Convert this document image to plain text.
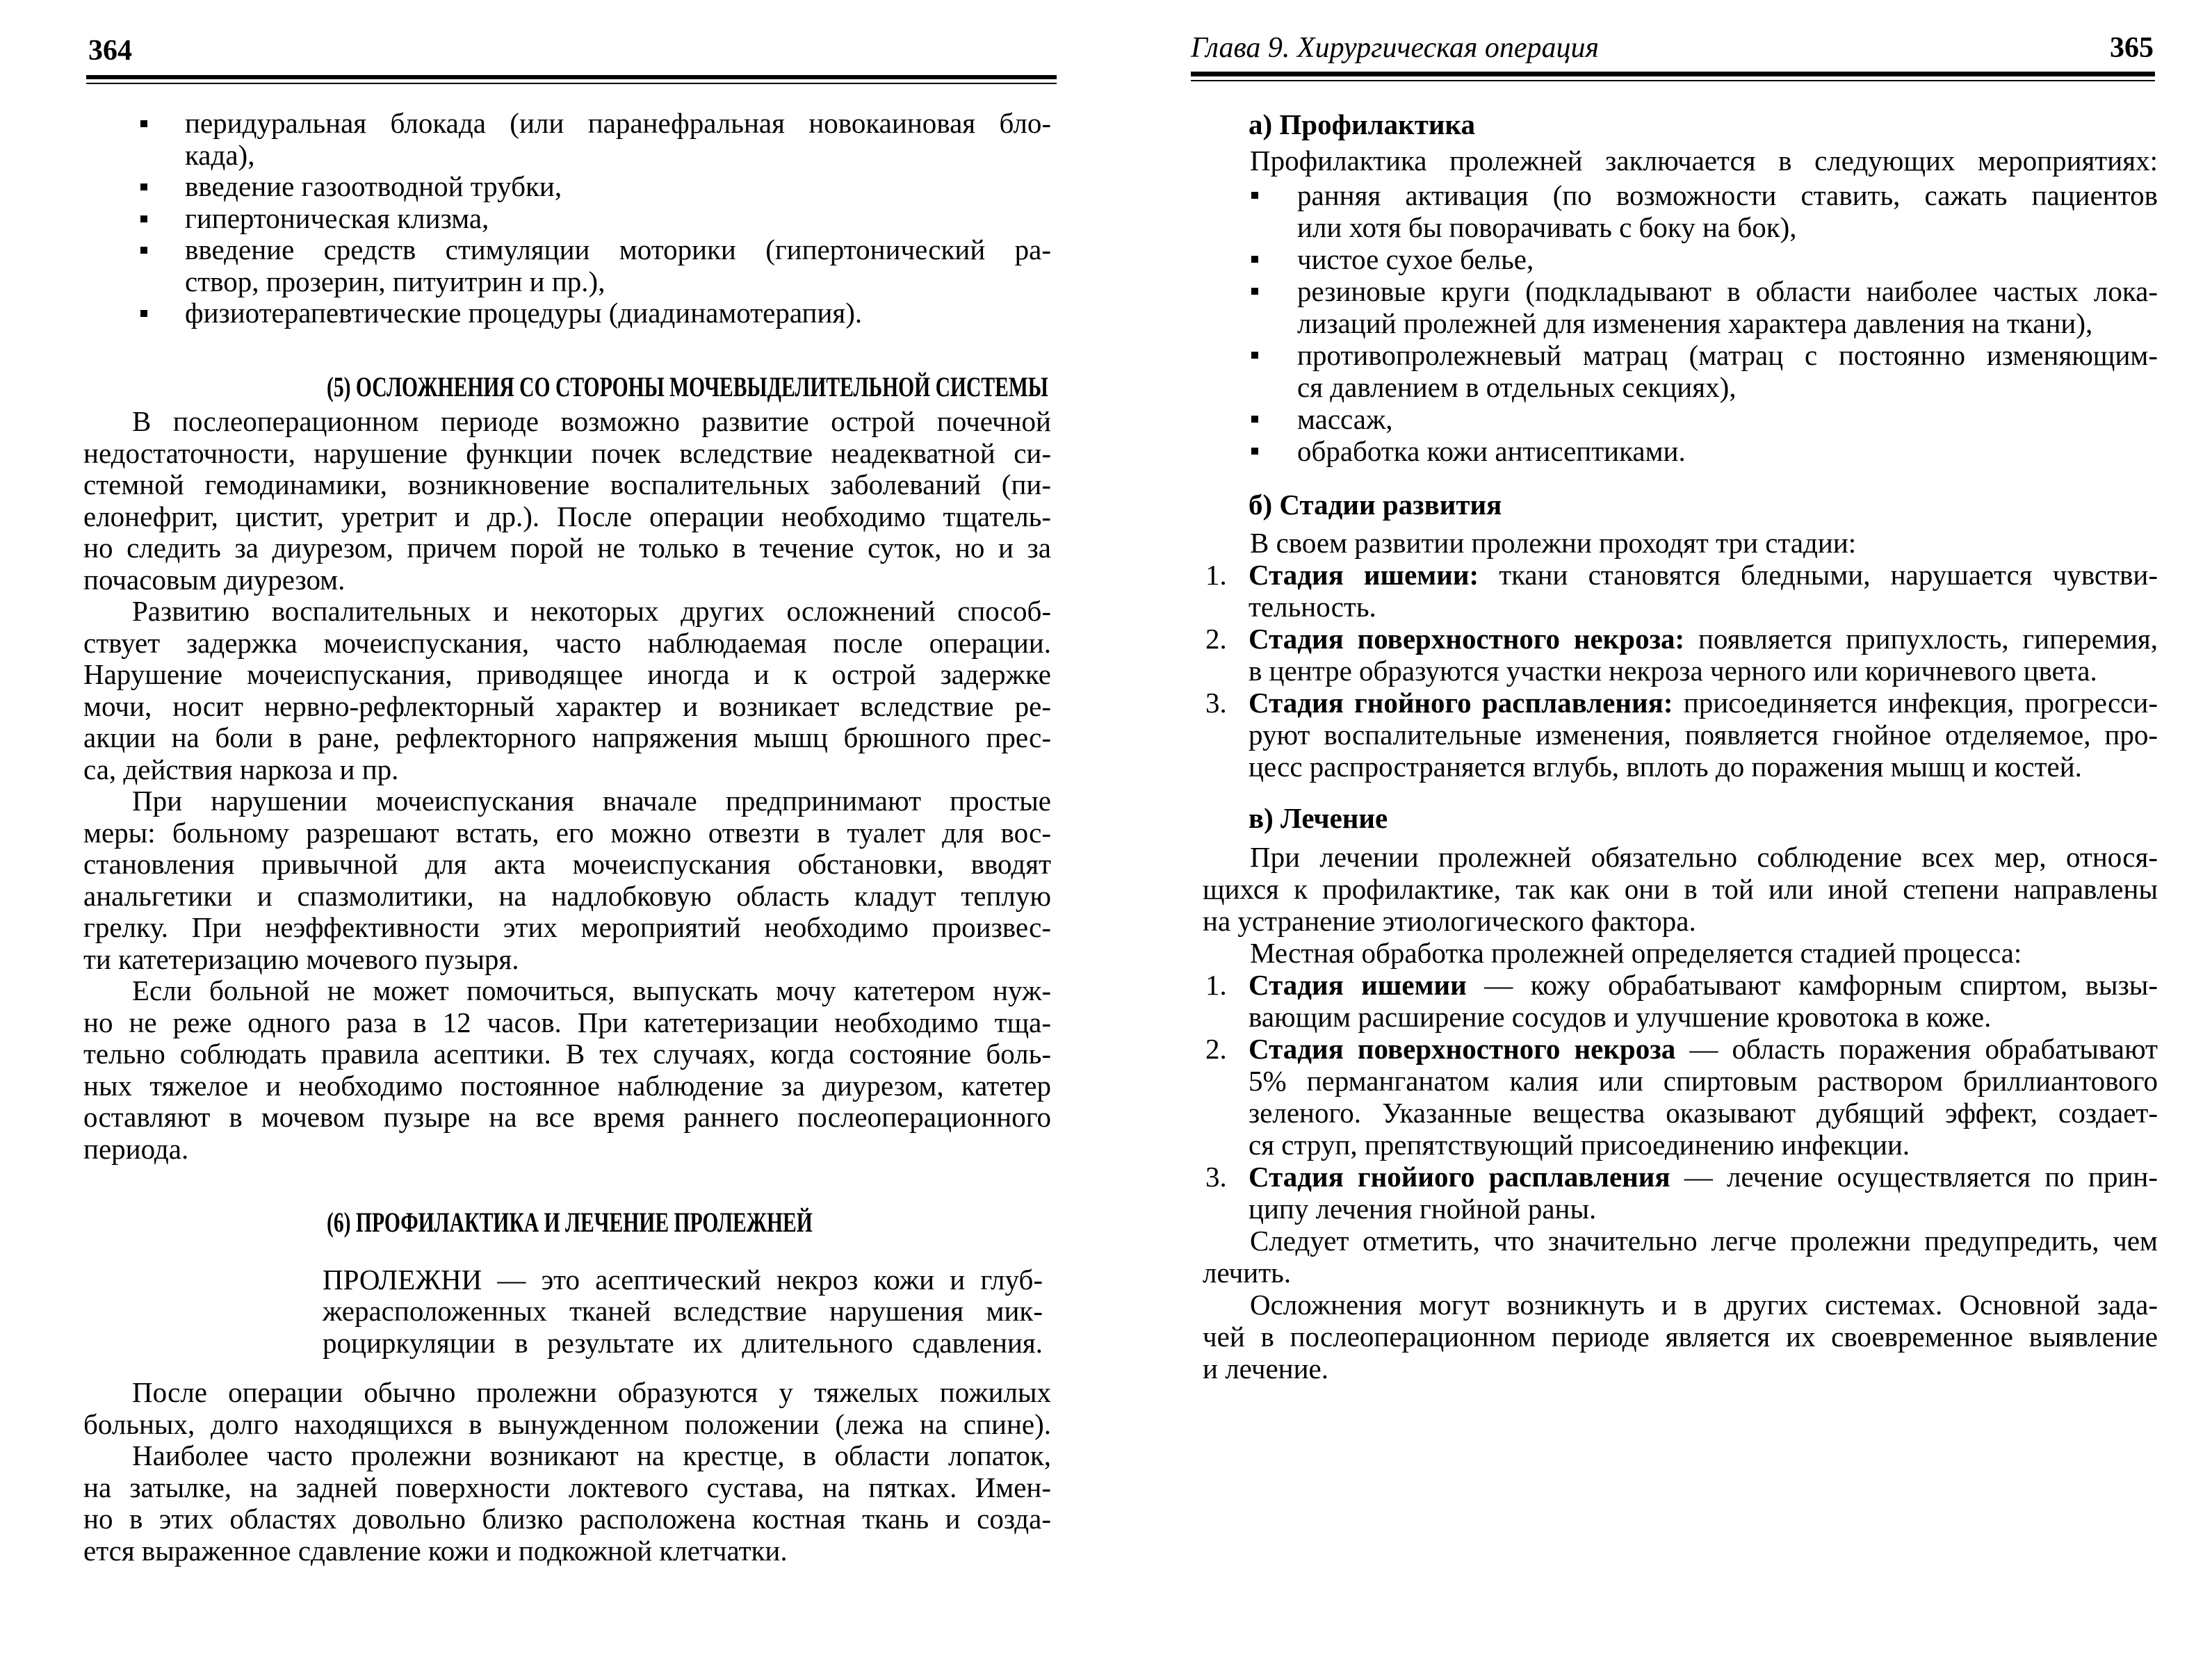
364
перидуральная блокада (или паранефральная новокаиновая бло-
када),
введение газоотводной трубки,
гипертоническая клизма,
введение средств стимуляции моторики (гипертонический ра-
створ, прозерин, питуитрин и пр.),
физиотерапевтические процедуры (диадинамотерапия).
(5) ОСЛОЖНЕНИЯ СО СТОРОНЫ МОЧЕВЫДЕЛИТЕЛЬНОЙ СИСТЕМЫ
В послеоперационном периоде возможно развитие острой почечной
недостаточности, нарушение функции почек вследствие неадекватной си-
стемной гемодинамики, возникновение воспалительных заболеваний (пи-
елонефрит, цистит, уретрит и др.). После операции необходимо тщатель-
но следить за диурезом, причем порой не только в течение суток, но и за
почасовым диурезом.
Развитию воспалительных и некоторых других осложнений способ-
ствует задержка мочеиспускания, часто наблюдаемая после операции.
Нарушение мочеиспускания, приводящее иногда и к острой задержке
мочи, носит нервно-рефлекторный характер и возникает вследствие ре-
акции на боли в ране, рефлекторного напряжения мышц брюшного прес-
са, действия наркоза и пр.
При нарушении мочеиспускания вначале предпринимают простые
меры: больному разрешают встать, его можно отвезти в туалет для вос-
становления привычной для акта мочеиспускания обстановки, вводят
анальгетики и спазмолитики, на надлобковую область кладут теплую
грелку. При неэффективности этих мероприятий необходимо произвес-
ти катетеризацию мочевого пузыря.
Если больной не может помочиться, выпускать мочу катетером нуж-
но не реже одного раза в 12 часов. При катетеризации необходимо тща-
тельно соблюдать правила асептики. В тех случаях, когда состояние боль-
ных тяжелое и необходимо постоянное наблюдение за диурезом, катетер
оставляют в мочевом пузыре на все время раннего послеоперационного
периода.
(6) ПРОФИЛАКТИКА И ЛЕЧЕНИЕ ПРОЛЕЖНЕЙ
ПРОЛЕЖНИ — это асептический некроз кожи и глуб-
жерасположенных тканей вследствие нарушения мик-
роциркуляции в результате их длительного сдавления.
После операции обычно пролежни образуются у тяжелых пожилых
больных, долго находящихся в вынужденном положении (лежа на спине).
Наиболее часто пролежни возникают на крестце, в области лопаток,
на затылке, на задней поверхности локтевого сустава, на пятках. Имен-
но в этих областях довольно близко расположена костная ткань и созда-
ется выраженное сдавление кожи и подкожной клетчатки.
Глава 9. Хирургическая операция	365
а) Профилактика
Профилактика пролежней заключается в следующих мероприятиях:
ранняя активация (по возможности ставить, сажать пациентов
или хотя бы поворачивать с боку на бок),
чистое сухое белье,
резиновые круги (подкладывают в области наиболее частых лока-
лизаций пролежней для изменения характера давления на ткани),
противопролежневый матрац (матрац с постоянно изменяющим-
ся давлением в отдельных секциях),
массаж,
обработка кожи антисептиками.
б) Стадии развития
В своем развитии пролежни проходят три стадии:
1. Стадия ишемии: ткани становятся бледными, нарушается чувстви-
тельность.
2. Стадия поверхностного некроза: появляется припухлость, гиперемия,
в центре образуются участки некроза черного или коричневого цвета.
3. Стадия гнойного расплавления: присоединяется инфекция, прогресси-
руют воспалительные изменения, появляется гнойное отделяемое, про-
цесс распространяется вглубь, вплоть до поражения мышц и костей.
в) Лечение
При лечении пролежней обязательно соблюдение всех мер, относя-
щихся к профилактике, так как они в той или иной степени направлены
на устранение этиологического фактора.
Местная обработка пролежней определяется стадией процесса:
1. Стадия ишемии — кожу обрабатывают камфорным спиртом, вызы-
вающим расширение сосудов и улучшение кровотока в коже.
2. Стадия поверхностного некроза — область поражения обрабатывают
5% перманганатом калия или спиртовым раствором бриллиантового
зеленого. Указанные вещества оказывают дубящий эффект, создает-
ся струп, препятствующий присоединению инфекции.
3. Стадия гнойиого расплавления — лечение осуществляется по прин-
ципу лечения гнойной раны.
Следует отметить, что значительно легче пролежни предупредить, чем
лечить.
Осложнения могут возникнуть и в других системах. Основной зада-
чей в послеоперационном периоде является их своевременное выявление
и лечение.
